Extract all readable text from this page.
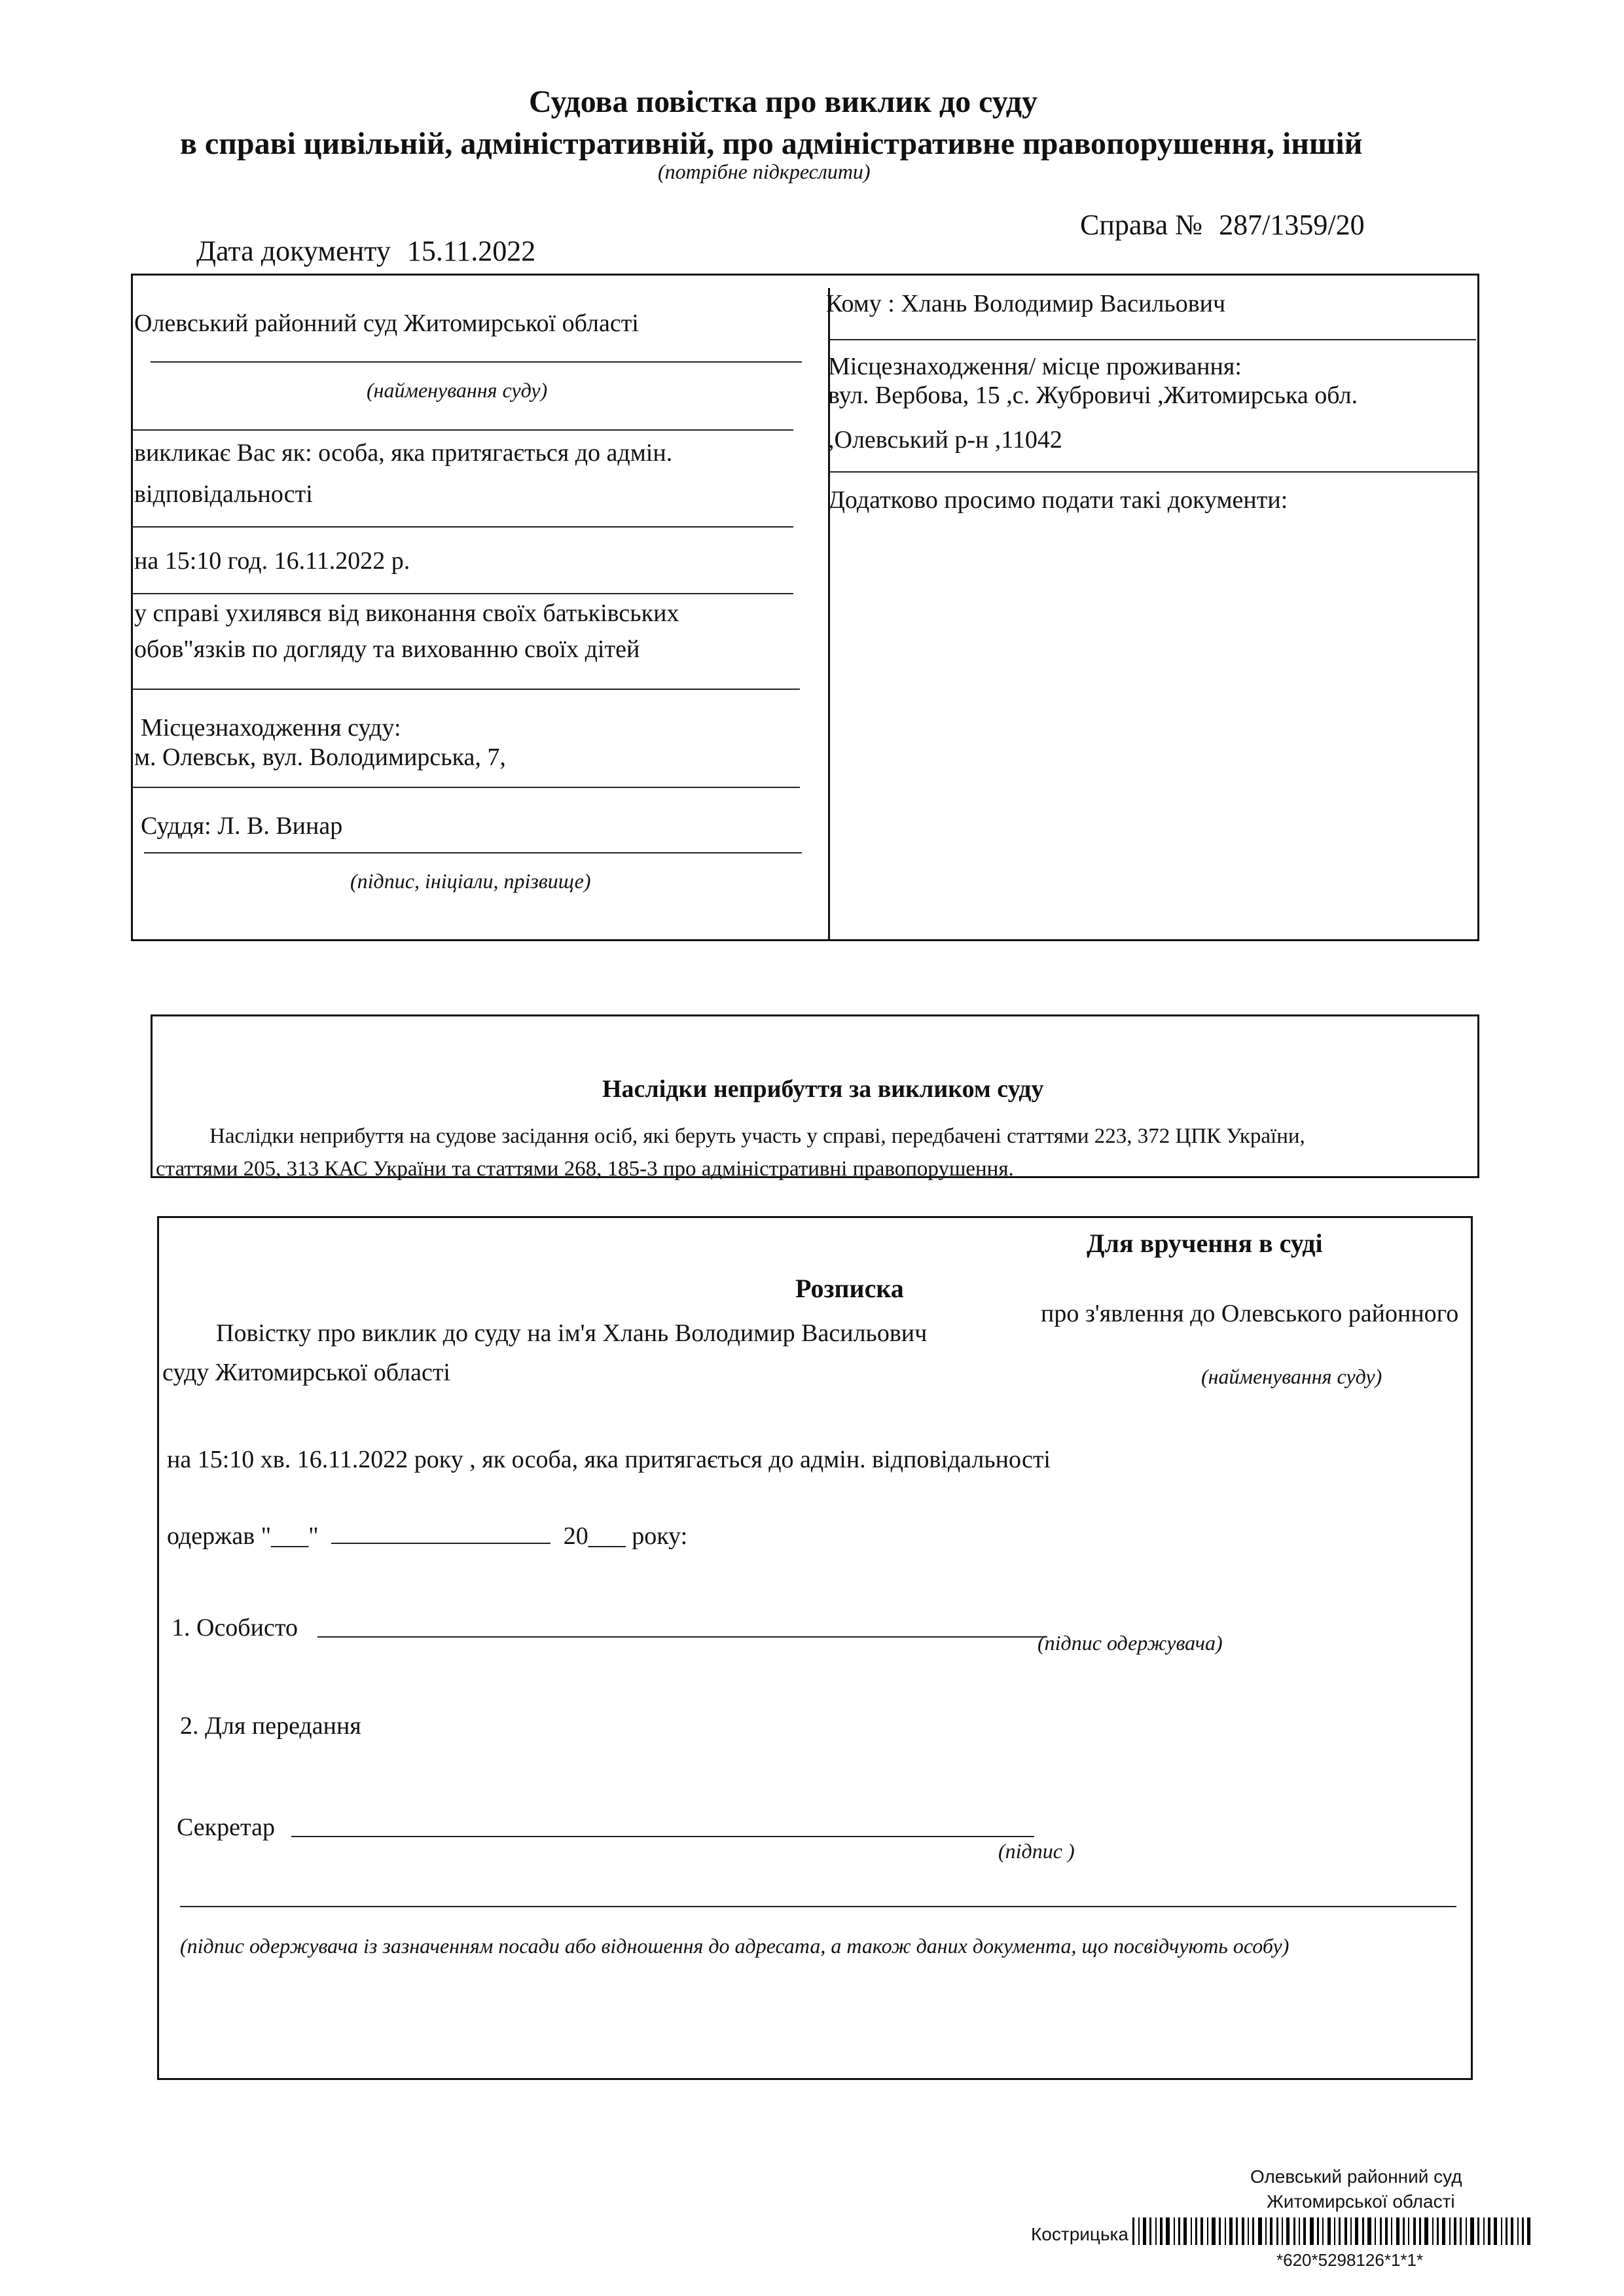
Судова повістка про виклик до суду
в справі цивільній, адміністративній, про адміністративне правопорушення, іншій
(потрібне підкреслити)
Дата документу 15.11.2022
Справа № 287/1359/20
Олевський районний суд Житомирської області
(найменування суду)
викликає Вас як: особа, яка притягається до адмін.
відповідальності
на 15:10 год. 16.11.2022 р.
у справі ухилявся від виконання своїх батьківських
обов"язків по догляду та вихованню своїх дітей
Місцезнаходження суду:
м. Олевськ, вул. Володимирська, 7,
Суддя: Л. В. Винар
(підпис, ініціали, прізвище)
Кому : Хлань Володимир Васильович
Місцезнаходження/ місце проживання:
вул. Вербова, 15 ,с. Жубровичі ,Житомирська обл.
,Олевський р-н ,11042
Додатково просимо подати такі документи:
Наслідки неприбуття за викликом суду
Наслідки неприбуття на судове засідання осіб, які беруть участь у справі, передбачені статтями 223, 372 ЦПК України,
статтями 205, 313 КАС України та статтями 268, 185-3 про адміністративні правопорушення.
Для вручення в суді
Розписка
Повістку про виклик до суду на ім'я Хлань Володимир Васильович
про з'явлення до Олевського районного
суду Житомирської області	(найменування суду)
на 15:10 хв. 16.11.2022 року , як особа, яка притягається до адмін. відповідальності
одержав "___"	20___ року:
1. Особисто
(підпис одержувача)
2. Для передання
Секретар
(підпис )
(підпис одержувача із зазначенням посади або відношення до адресата, а також даних документа, що посвідчують особу)
Олевський районний суд
Житомирської області
Кострицька
*620*5298126*1*1*
